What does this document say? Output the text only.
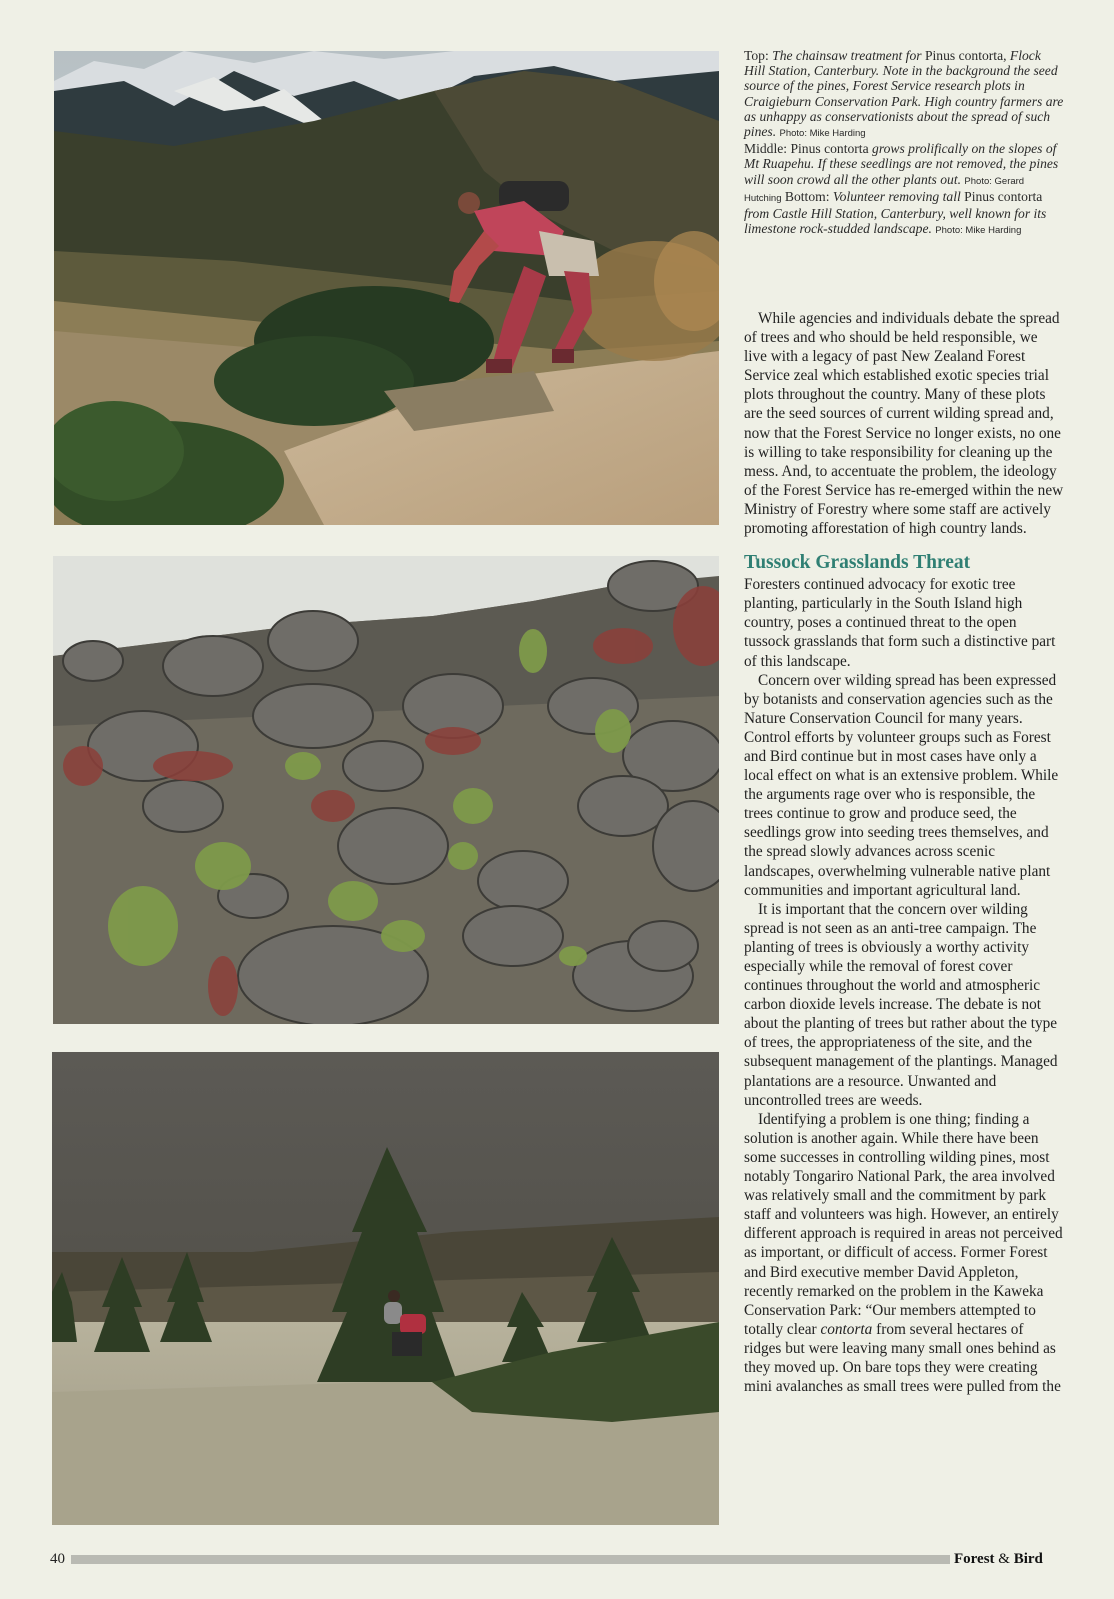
Top: The chainsaw treatment for Pinus contorta, Flock Hill Station, Canterbury. Note in the background the seed source of the pines, Forest Service research plots in Craigieburn Conservation Park. High country farmers are as unhappy as conservationists about the spread of such pines. Photo: Mike Harding

Middle: Pinus contorta grows prolifically on the slopes of Mt Ruapehu. If these seedlings are not removed, the pines will soon crowd all the other plants out. Photo: Gerard Hutching Bottom: Volunteer removing tall Pinus contorta from Castle Hill Station, Canterbury, well known for its limestone rock-studded landscape. Photo: Mike Harding

While agencies and individuals debate the spread of trees and who should be held responsible, we live with a legacy of past New Zealand Forest Service zeal which established exotic species trial plots throughout the country. Many of these plots are the seed sources of current wilding spread and, now that the Forest Service no longer exists, no one is willing to take responsibility for cleaning up the mess. And, to accentuate the problem, the ideology of the Forest Service has re-emerged within the new Ministry of Forestry where some staff are actively promoting afforestation of high country lands.

Tussock Grasslands Threat

Foresters continued advocacy for exotic tree planting, particularly in the South Island high country, poses a continued threat to the open tussock grasslands that form such a distinctive part of this landscape.

Concern over wilding spread has been expressed by botanists and conservation agencies such as the Nature Conservation Council for many years. Control efforts by volunteer groups such as Forest and Bird continue but in most cases have only a local effect on what is an extensive problem. While the arguments rage over who is responsible, the trees continue to grow and produce seed, the seedlings grow into seeding trees themselves, and the spread slowly advances across scenic landscapes, overwhelming vulnerable native plant communities and important agricultural land.

It is important that the concern over wilding spread is not seen as an anti-tree campaign. The planting of trees is obviously a worthy activity especially while the removal of forest cover continues throughout the world and atmospheric carbon dioxide levels increase. The debate is not about the planting of trees but rather about the type of trees, the appropriateness of the site, and the subsequent management of the plantings. Managed plantations are a resource. Unwanted and uncontrolled trees are weeds.

Identifying a problem is one thing; finding a solution is another again. While there have been some successes in controlling wilding pines, most notably Tongariro National Park, the area involved was relatively small and the commitment by park staff and volunteers was high. However, an entirely different approach is required in areas not perceived as important, or difficult of access. Former Forest and Bird executive member David Appleton, recently remarked on the problem in the Kaweka Conservation Park: “Our members attempted to totally clear contorta from several hectares of ridges but were leaving many small ones behind as they moved up. On bare tops they were creating mini avalanches as small trees were pulled from the

40	Forest & Bird
